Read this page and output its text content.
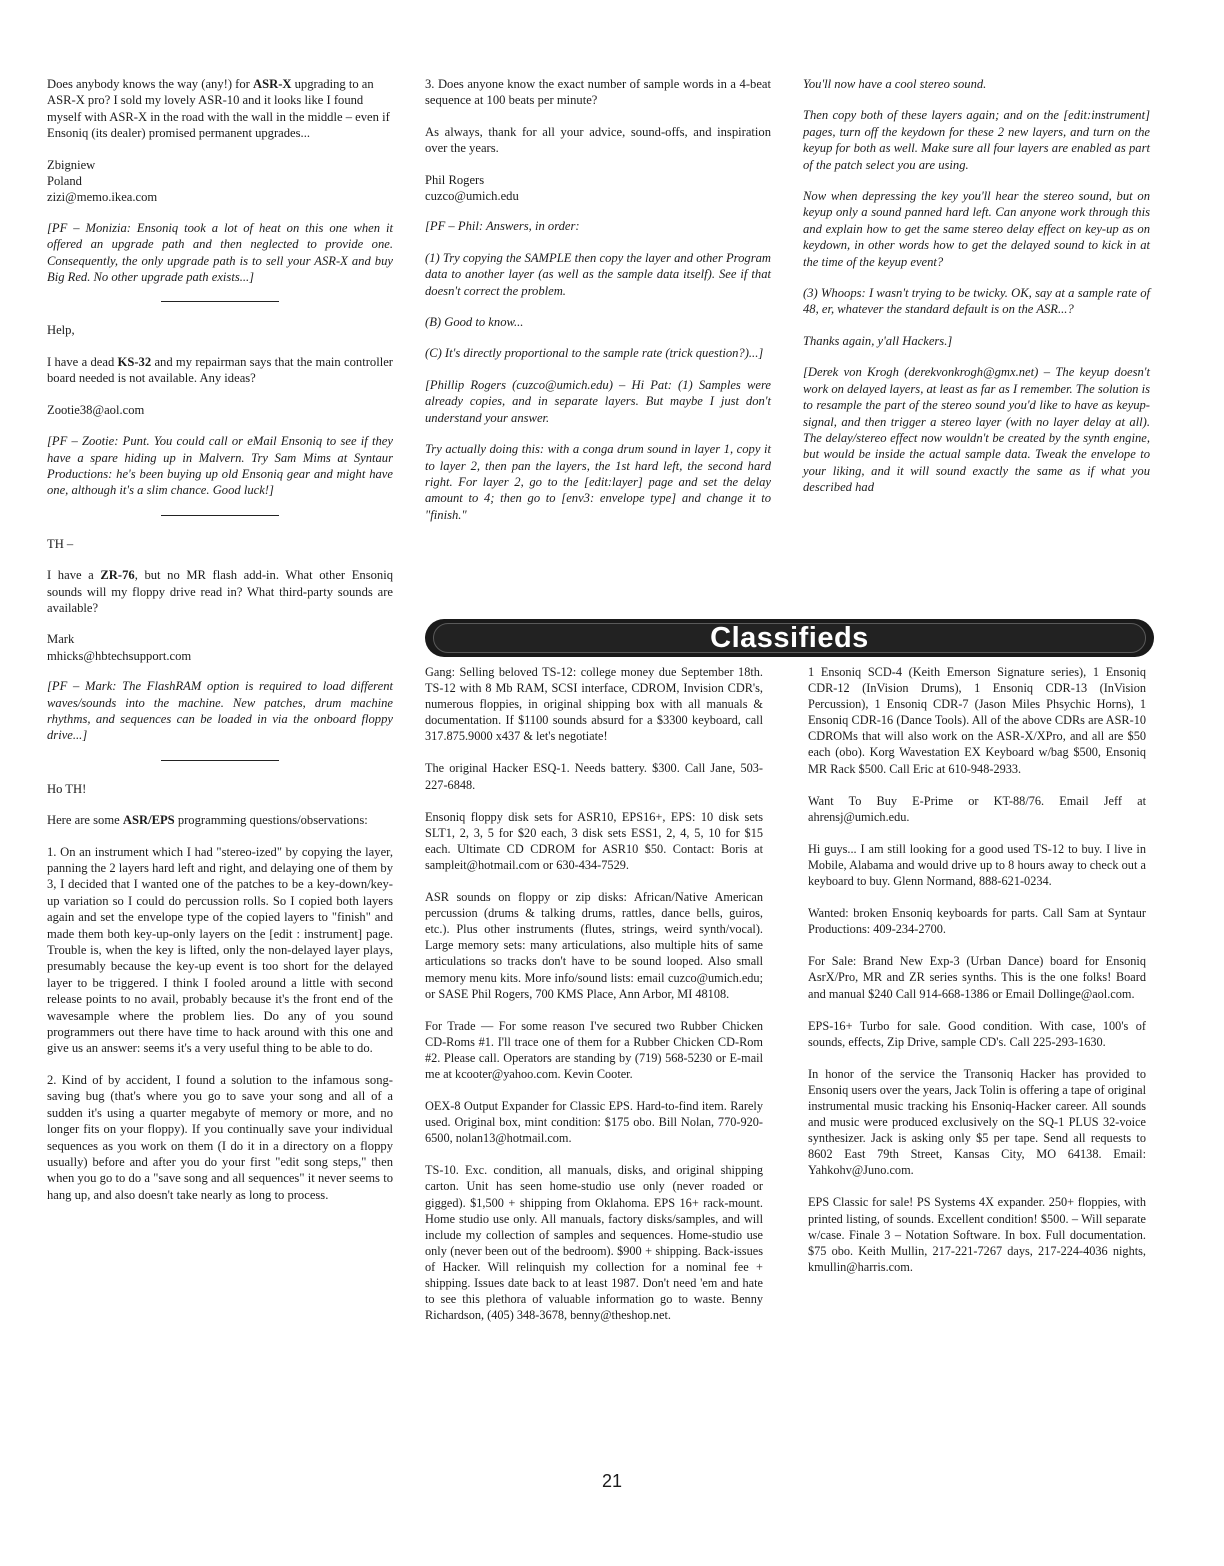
Does anybody knows the way (any!) for ASR-X upgrading to an ASR-X pro? I sold my lovely ASR-10 and it looks like I found myself with ASR-X in the road with the wall in the middle – even if Ensoniq (its dealer) promised permanent upgrades...

Zbigniew
Poland
zizi@memo.ikea.com

[PF – Monizia: Ensoniq took a lot of heat on this one when it offered an upgrade path and then neglected to provide one. Consequently, the only upgrade path is to sell your ASR-X and buy Big Red. No other upgrade path exists...]

Help,

I have a dead KS-32 and my repairman says that the main controller board needed is not available. Any ideas?

Zootie38@aol.com

[PF – Zootie: Punt. You could call or eMail Ensoniq to see if they have a spare hiding up in Malvern. Try Sam Mims at Syntaur Productions: he's been buying up old Ensoniq gear and might have one, although it's a slim chance. Good luck!]

TH –

I have a ZR-76, but no MR flash add-in. What other Ensoniq sounds will my floppy drive read in? What third-party sounds are available?

Mark
mhicks@hbtechsupport.com

[PF – Mark: The FlashRAM option is required to load different waves/sounds into the machine. New patches, drum machine rhythms, and sequences can be loaded in via the onboard floppy drive...]

Ho TH!

Here are some ASR/EPS programming questions/observations:

1. On an instrument which I had "stereo-ized" by copying the layer, panning the 2 layers hard left and right, and delaying one of them by 3, I decided that I wanted one of the patches to be a key-down/key-up variation so I could do percussion rolls. So I copied both layers again and set the envelope type of the copied layers to "finish" and made them both key-up-only layers on the [edit : instrument] page. Trouble is, when the key is lifted, only the non-delayed layer plays, presumably because the key-up event is too short for the delayed layer to be triggered. I think I fooled around a little with second release points to no avail, probably because it's the front end of the wavesample where the problem lies. Do any of you sound programmers out there have time to hack around with this one and give us an answer: seems it's a very useful thing to be able to do.

2. Kind of by accident, I found a solution to the infamous song-saving bug (that's where you go to save your song and all of a sudden it's using a quarter megabyte of memory or more, and no longer fits on your floppy). If you continually save your individual sequences as you work on them (I do it in a directory on a floppy usually) before and after you do your first "edit song steps," then when you go to do a "save song and all sequences" it never seems to hang up, and also doesn't take nearly as long to process.

3. Does anyone know the exact number of sample words in a 4-beat sequence at 100 beats per minute?

As always, thank for all your advice, sound-offs, and inspiration over the years.

Phil Rogers
cuzco@umich.edu

[PF – Phil: Answers, in order:

(1) Try copying the SAMPLE then copy the layer and other Program data to another layer (as well as the sample data itself). See if that doesn't correct the problem.

(B) Good to know...

(C) It's directly proportional to the sample rate (trick question?)...]

[Phillip Rogers (cuzco@umich.edu) – Hi Pat: (1) Samples were already copies, and in separate layers. But maybe I just don't understand your answer.

Try actually doing this: with a conga drum sound in layer 1, copy it to layer 2, then pan the layers, the 1st hard left, the second hard right. For layer 2, go to the [edit:layer] page and set the delay amount to 4; then go to [env3: envelope type] and change it to "finish."

You'll now have a cool stereo sound.

Then copy both of these layers again; and on the [edit:instrument] pages, turn off the keydown for these 2 new layers, and turn on the keyup for both as well. Make sure all four layers are enabled as part of the patch select you are using.

Now when depressing the key you'll hear the stereo sound, but on keyup only a sound panned hard left. Can anyone work through this and explain how to get the same stereo delay effect on key-up as on keydown, in other words how to get the delayed sound to kick in at the time of the keyup event?

(3) Whoops: I wasn't trying to be twicky. OK, say at a sample rate of 48, er, whatever the standard default is on the ASR...?

Thanks again, y'all Hackers.]

[Derek von Krogh (derekvonkrogh@gmx.net) – The keyup doesn't work on delayed layers, at least as far as I remember. The solution is to resample the part of the stereo sound you'd like to have as keyup-signal, and then trigger a stereo layer (with no layer delay at all). The delay/stereo effect now wouldn't be created by the synth engine, but would be inside the actual sample data. Tweak the envelope to your liking, and it will sound exactly the same as if what you described had

Classifieds

Gang: Selling beloved TS-12: college money due September 18th. TS-12 with 8 Mb RAM, SCSI interface, CDROM, Invision CDR's, numerous floppies, in original shipping box with all manuals & documentation. If $1100 sounds absurd for a $3300 keyboard, call 317.875.9000 x437 & let's negotiate!

The original Hacker ESQ-1. Needs battery. $300. Call Jane, 503-227-6848.

Ensoniq floppy disk sets for ASR10, EPS16+, EPS: 10 disk sets SLT1, 2, 3, 5 for $20 each, 3 disk sets ESS1, 2, 4, 5, 10 for $15 each. Ultimate CD CDROM for ASR10 $50. Contact: Boris at sampleit@hotmail.com or 630-434-7529.

ASR sounds on floppy or zip disks: African/Native American percussion (drums & talking drums, rattles, dance bells, guiros, etc.). Plus other instruments (flutes, strings, weird synth/vocal). Large memory sets: many articulations, also multiple hits of same articulations so tracks don't have to be sound looped. Also small memory menu kits. More info/sound lists: email cuzco@umich.edu; or SASE Phil Rogers, 700 KMS Place, Ann Arbor, MI 48108.

For Trade — For some reason I've secured two Rubber Chicken CD-Roms #1. I'll trace one of them for a Rubber Chicken CD-Rom #2. Please call. Operators are standing by (719) 568-5230 or E-mail me at kcooter@yahoo.com. Kevin Cooter.

OEX-8 Output Expander for Classic EPS. Hard-to-find item. Rarely used. Original box, mint condition: $175 obo. Bill Nolan, 770-920-6500, nolan13@hotmail.com.

TS-10. Exc. condition, all manuals, disks, and original shipping carton. Unit has seen home-studio use only (never roaded or gigged). $1,500 + shipping from Oklahoma. EPS 16+ rack-mount. Home studio use only. All manuals, factory disks/samples, and will include my collection of samples and sequences. Home-studio use only (never been out of the bedroom). $900 + shipping. Back-issues of Hacker. Will relinquish my collection for a nominal fee + shipping. Issues date back to at least 1987. Don't need 'em and hate to see this plethora of valuable information go to waste. Benny Richardson, (405) 348-3678, benny@theshop.net.

1 Ensoniq SCD-4 (Keith Emerson Signature series), 1 Ensoniq CDR-12 (InVision Drums), 1 Ensoniq CDR-13 (InVision Percussion), 1 Ensoniq CDR-7 (Jason Miles Phsychic Horns), 1 Ensoniq CDR-16 (Dance Tools). All of the above CDRs are ASR-10 CDROMs that will also work on the ASR-X/XPro, and all are $50 each (obo). Korg Wavestation EX Keyboard w/bag $500, Ensoniq MR Rack $500. Call Eric at 610-948-2933.

Want To Buy E-Prime or KT-88/76. Email Jeff at ahrensj@umich.edu.

Hi guys... I am still looking for a good used TS-12 to buy. I live in Mobile, Alabama and would drive up to 8 hours away to check out a keyboard to buy. Glenn Normand, 888-621-0234.

Wanted: broken Ensoniq keyboards for parts. Call Sam at Syntaur Productions: 409-234-2700.

For Sale: Brand New Exp-3 (Urban Dance) board for Ensoniq AsrX/Pro, MR and ZR series synths. This is the one folks! Board and manual $240 Call 914-668-1386 or Email Dollinge@aol.com.

EPS-16+ Turbo for sale. Good condition. With case, 100's of sounds, effects, Zip Drive, sample CD's. Call 225-293-1630.

In honor of the service the Transoniq Hacker has provided to Ensoniq users over the years, Jack Tolin is offering a tape of original instrumental music tracking his Ensoniq-Hacker career. All sounds and music were produced exclusively on the SQ-1 PLUS 32-voice synthesizer. Jack is asking only $5 per tape. Send all requests to 8602 East 79th Street, Kansas City, MO 64138. Email: Yahkohv@Juno.com.

EPS Classic for sale! PS Systems 4X expander. 250+ floppies, with printed listing, of sounds. Excellent condition! $500. – Will separate w/case. Finale 3 – Notation Software. In box. Full documentation. $75 obo. Keith Mullin, 217-221-7267 days, 217-224-4036 nights, kmullin@harris.com.

21
